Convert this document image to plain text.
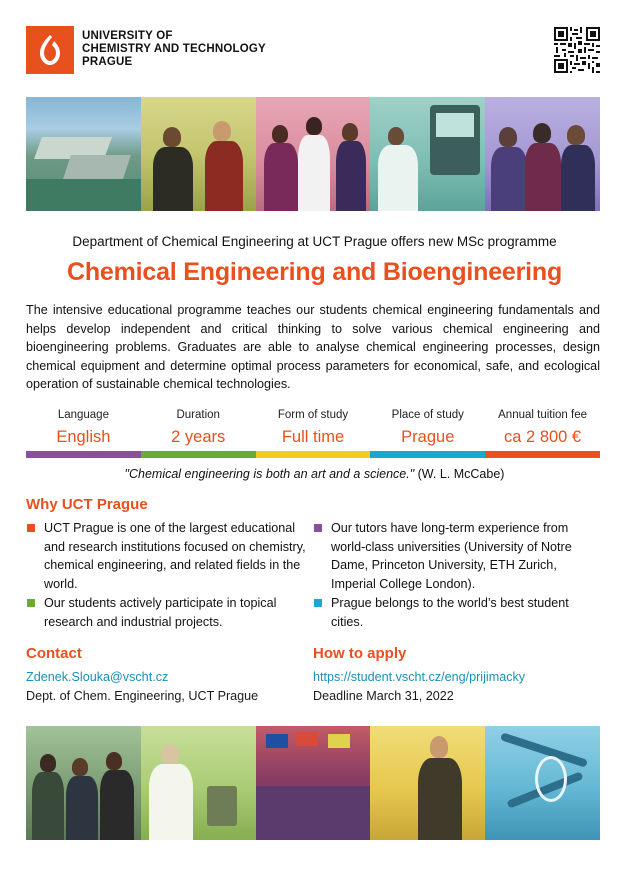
UNIVERSITY OF
CHEMISTRY AND TECHNOLOGY
PRAGUE
Department of Chemical Engineering at UCT Prague offers new MSc programme
Chemical Engineering and Bioengineering
The intensive educational programme teaches our students chemical engineering fundamentals and helps develop independent and critical thinking to solve various chemical engineering and bioengineering problems. Graduates are able to analyse chemical engineering processes, design chemical equipment and determine optimal process parameters for economical, safe, and ecological operation of sustainable chemical technologies.
Language
English
Duration
2 years
Form of study
Full time
Place of study
Prague
Annual tuition fee
ca 2 800 €
"Chemical engineering is both an art and a science." (W. L. McCabe)
Why UCT Prague
UCT Prague is one of the largest educational and research institutions focused on chemistry, chemical engineering, and related fields in the world.
Our students actively participate in topical research and industrial projects.
Our tutors have long-term experience from world-class universities (University of Notre Dame, Princeton University, ETH Zurich, Imperial College London).
Prague belongs to the world’s best student cities.
Contact
Zdenek.Slouka@vscht.cz
Dept. of Chem. Engineering, UCT Prague
How to apply
https://student.vscht.cz/eng/prijimacky
Deadline March 31, 2022
